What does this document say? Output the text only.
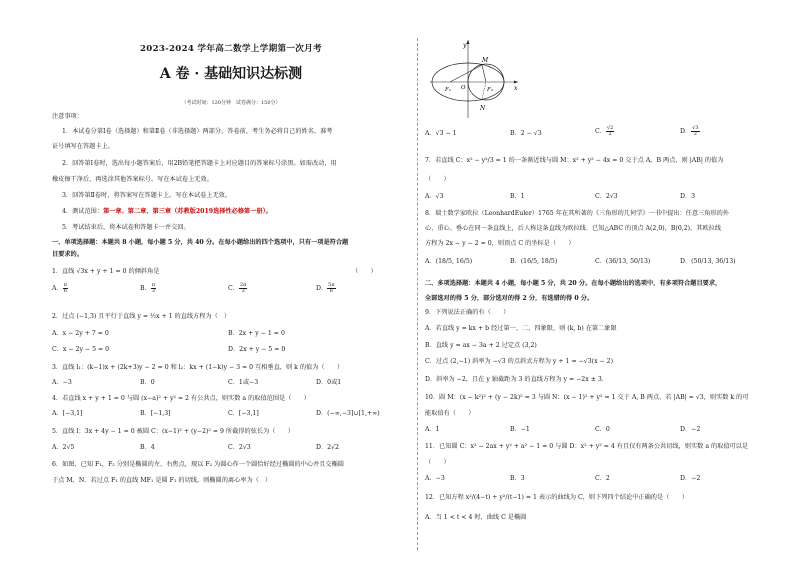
2023-2024 学年高二数学上学期第一次月考
A 卷 · 基础知识达标测
（考试时间：120分钟　试卷满分：150分）
注意事项：
1．本试卷分第Ⅰ卷（选择题）和第Ⅱ卷（非选择题）两部分。答卷前，考生务必将自己的姓名、准考
证号填写在答题卡上。
2．回答第Ⅰ卷时，选出每小题答案后，用2B铅笔把答题卡上对应题目的答案标号涂黑。如需改动，用
橡皮擦干净后，再选涂其他答案标号。写在本试卷上无效。
3．回答第Ⅱ卷时，将答案写在答题卡上。写在本试卷上无效。
4．测试范围：第一章、第二章、第三章（苏教版2019选择性必修第一册）。
5．考试结束后，将本试卷和答题卡一并交回。
一、单项选择题：本题共 8 小题，每小题 5 分，共 40 分。在每小题给出的四个选项中，只有一项是符合题
目要求的。
1．直线 √3x + y + 1 = 0 的倾斜角是	（　　）
A． $\frac{\pi}{6}$	B． $\frac{\pi}{3}$	C． $\frac{2\pi}{3}$	D． $\frac{5\pi}{6}$
2．过点 (−1,3) 且平行于直线 y = ½x + 1 的直线方程为（　）
A．x − 2y + 7 = 0	B．2x + y − 1 = 0
C．x − 2y − 5 = 0	D．2x + y − 5 = 0
3．直线 l₁：(k−1)x + (2k+3)y − 2 = 0 和 l₂：kx + (1−k)y − 3 = 0 互相垂直，则 k 的值为（　　）
A．−3	B．0	C．1或−3	D．0或1
4．若直线 x + y + 1 = 0 与圆 (x−a)² + y² = 2 有公共点，则实数 a 的取值范围是（　　）
A．[−3,1]	B．[−1,3]	C．[−3,1]	D．(−∞,−3]∪[1,+∞)
5．直线 l：3x + 4y − 1 = 0 被圆 C：(x−1)² + (y−2)² = 9 所截得的弦长为（　　）
A．2√5	B．4	C．2√3	D．2√2
6．如图，已知 F₁，F₂ 分别是椭圆的左、右焦点，现以 F₂ 为圆心作一个圆恰好经过椭圆的中心并且交椭圆
于点 M，N．若过点 F₁ 的直线 MF₁ 是圆 F₂ 的切线，则椭圆的离心率为（　）
y
x
M
N
F₁	F₂
O
A．√3 − 1	B．2 − √3	C． $\frac{√2}{2}$	D． $\frac{√3}{2}$
7．若直线 C：x² − y²/3 = 1 的一条渐近线与圆 M：x² + y² − 4x = 0 交于点 A，B 两点，则 |AB| 的值为
（　　）
A．√3	B．1	C．2√3	D．3
8．瑞士数学家欧拉（LeonhardEuler）1765 年在其所著的《三角形的几何学》一书中提出：任意三角形的外
心、重心、垂心在同一条直线上，后人称这条直线为欧拉线．已知△ABC 的顶点 A(2,0)，B(0,2)，其欧拉线
方程为 2x − y − 2 = 0，则顶点 C 的坐标是（　　）
A．(18/5, 16/5)	B．(16/5, 18/5)	C．(36/13, 50/13)	D．(50/13, 36/13)
二、多项选择题：本题共 4 小题，每小题 5 分，共 20 分。在每小题给出的选项中，有多项符合题目要求，
全部选对的得 5 分，部分选对的得 2 分，有选错的得 0 分。
9．下列说法正确的有（　　）
A．若直线 y = kx + b 经过第一、二、四象限，则 (k, b) 在第二象限
B．直线 y = ax − 3a + 2 过定点 (3,2)
C．过点 (2,−1) 斜率为 −√3 的点斜式方程为 y + 1 = −√3(x − 2)
D．斜率为 −2，且在 y 轴截距为 3 的直线方程为 y = −2x ± 3．
10．圆 M：(x − k²)² + (y − 2k)² = 3 与圆 N：(x − 1)² + y² = 1 交于 A, B 两点，若 |AB| = √3，则实数 k 的可
能取值有（　　）
A．1	B．−1	C．0	D．−2
11．已知圆 C：x² − 2ax + y² + a² − 1 = 0 与圆 D：x² + y² = 4 有且仅有两条公共切线，则实数 a 的取值可以是
（　　）
A．−3	B．3	C．2	D．−2
12．已知方程 x²/(4−t) + y²/(t−1) = 1 表示的曲线为 C，则下列四个结论中正确的是（　　）
A．当 1 < t < 4 时，曲线 C 是椭圆
